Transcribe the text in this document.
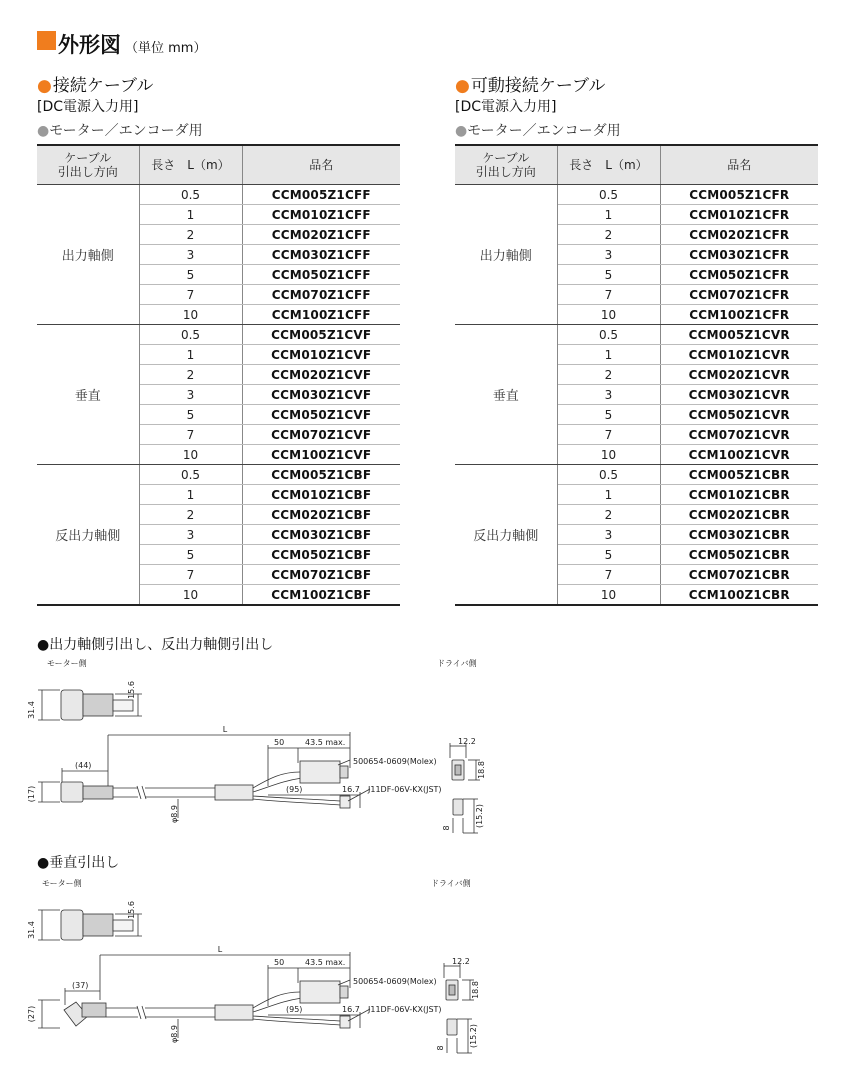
外形図 （単位 mm）
●接続ケーブル
[DC電源入力用]
●モーター／エンコーダ用
●可動接続ケーブル
[DC電源入力用]
●モーター／エンコーダ用
ケーブル
引出し方向	長さ　L（m）	品名
出力軸側	0.5	CCM005Z1CFF
	1	CCM010Z1CFF
	2	CCM020Z1CFF
	3	CCM030Z1CFF
	5	CCM050Z1CFF
	7	CCM070Z1CFF
	10	CCM100Z1CFF
垂直	0.5	CCM005Z1CVF
	1	CCM010Z1CVF
	2	CCM020Z1CVF
	3	CCM030Z1CVF
	5	CCM050Z1CVF
	7	CCM070Z1CVF
	10	CCM100Z1CVF
反出力軸側	0.5	CCM005Z1CBF
	1	CCM010Z1CBF
	2	CCM020Z1CBF
	3	CCM030Z1CBF
	5	CCM050Z1CBF
	7	CCM070Z1CBF
	10	CCM100Z1CBF
ケーブル
引出し方向	長さ　L（m）	品名
出力軸側	0.5	CCM005Z1CFR
	1	CCM010Z1CFR
	2	CCM020Z1CFR
	3	CCM030Z1CFR
	5	CCM050Z1CFR
	7	CCM070Z1CFR
	10	CCM100Z1CFR
垂直	0.5	CCM005Z1CVR
	1	CCM010Z1CVR
	2	CCM020Z1CVR
	3	CCM030Z1CVR
	5	CCM050Z1CVR
	7	CCM070Z1CVR
	10	CCM100Z1CVR
反出力軸側	0.5	CCM005Z1CBR
	1	CCM010Z1CBR
	2	CCM020Z1CBR
	3	CCM030Z1CBR
	5	CCM050Z1CBR
	7	CCM070Z1CBR
	10	CCM100Z1CBR
●出力軸側引出し、反出力軸側引出し
モーター側	ドライバ側
31.4
15.6
L
50	43.5 max.
(44)
(17)	(95)	16.7
φ8.9
500654-0609(Molex)
J11DF-06V-KX(JST)
12.2
18.8
8	(15.2)
●垂直引出し
モーター側	ドライバ側
31.4
15.6
L
50	43.5 max.
(37)
(27)	(95)	16.7
φ8.9
500654-0609(Molex)
J11DF-06V-KX(JST)
12.2
18.8
8	(15.2)
